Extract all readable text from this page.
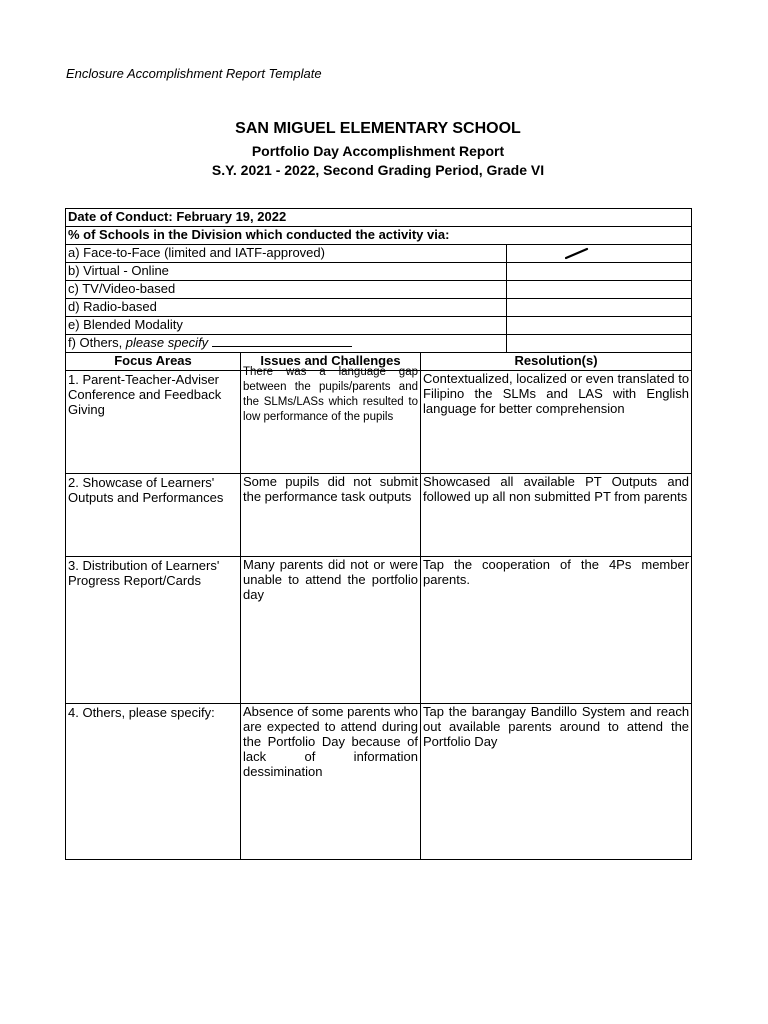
Enclosure Accomplishment Report Template
SAN MIGUEL ELEMENTARY SCHOOL
Portfolio Day Accomplishment Report
S.Y. 2021 - 2022, Second Grading Period, Grade VI
Date of Conduct: February 19, 2022			
% of Schools in the Division which conducted the activity via:			
a) Face-to-Face (limited and IATF-approved)	

b) Virtual - Online			
c) TV/Video-based			
d) Radio-based			
e) Blended Modality			
f) Others, please specify			
Focus Areas	Issues and Challenges	Resolution(s)	

1. Parent-Teacher-Adviser Conference and Feedback Giving	There was a language gap between the pupils/parents and the SLMs/LASs which resulted to low performance of the pupils	Contextualized, localized or even translated to Filipino the SLMs and LAS with English language for better comprehension	

2. Showcase of Learners' Outputs and Performances	Some pupils did not submit the performance task outputs	Showcased all available PT Outputs and followed up all non submitted PT from parents	

3. Distribution of Learners' Progress Report/Cards	Many parents did not or were unable to attend the portfolio day	Tap the cooperation of the 4Ps member parents.	

4. Others, please specify:	Absence of some parents who are expected to attend during the Portfolio Day because of lack of information dessimination	Tap the barangay Bandillo System and reach out available parents around to attend the Portfolio Day	
